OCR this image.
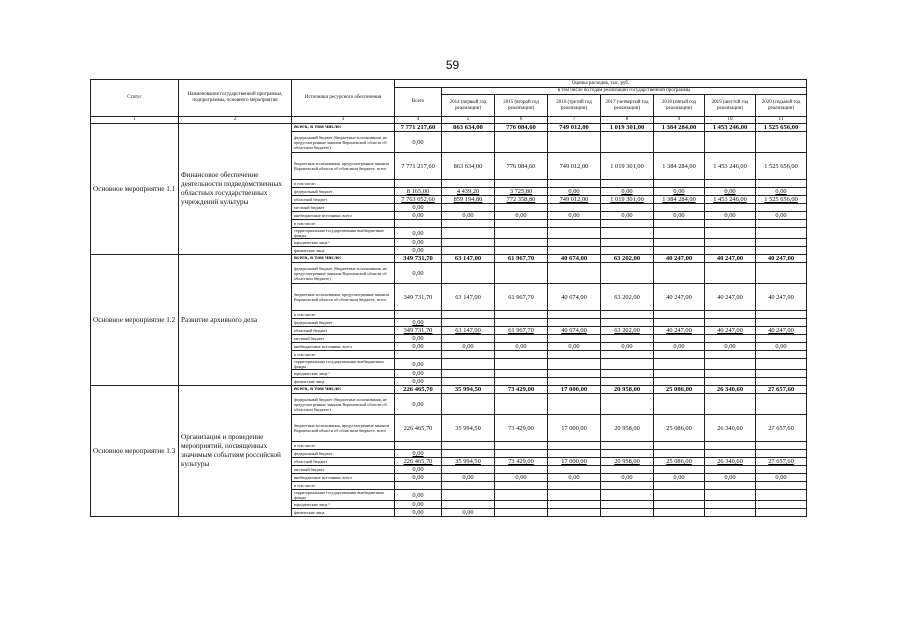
59
Статус	Наименование государственной программы, подпрограммы, основного мероприятия	Источники ресурсного обеспечения	Оценка расходов, тыс. руб.							
			Всего	в том числе по годам реализации государственной программы						
				2014 (первый год реализации)	2015 (второй год реализации)	2016 (третий год реализации)	2017 (четвертый год реализации)	2018 (пятый год реализации)	2019 (шестой год реализации)	2020 (седьмой год реализации)
1	2	3	4	5	6	7	8	9	10	11
Основное мероприятие 1.1	Финансовое обеспечение деятельности подведомственных областных государственных учреждений культуры	всего, в том числе:	7 771 217,60	863 634,00	776 084,60	749 012,00	1 019 301,00	1 384 284,00	1 453 246,00	1 525 656,00
		федеральный бюджет (бюджетные ассигнования, не предусмотренные законом Воронежской области об областном бюджете)	0,00							
		бюджетные ассигнования, предусмотренные законом Воронежской области об областном бюджете, всего	7 771 217,60	863 634,00	776 084,60	749 012,00	1 019 301,00	1 384 284,00	1 453 246,00	1 525 656,00
		в том числе:								
		федеральный бюджет	8 165,00	4 439,20	3 725,80	0,00	0,00	0,00	0,00	0,00
		областной бюджет	7 763 052,60	859 194,80	772 358,80	749 012,00	1 019 301,00	1 384 284,00	1 453 246,00	1 525 656,00
		местный бюджет	0,00							
		внебюджетные источники, всего	0,00	0,00	0,00	0,00	0,00	0,00	0,00	0,00
		в том числе:								
		территориальные государственные внебюджетные фонды	0,00							
		юридические лица ¹	0,00							
		физические лица	0,00							
Основное мероприятие 1.2	Развитие архивного дела	всего, в том числе:	349 731,70	63 147,00	61 967,70	40 674,00	63 202,00	40 247,00	40 247,00	40 247,00
		федеральный бюджет (бюджетные ассигнования, не предусмотренные законом Воронежской области об областном бюджете)	0,00							
		бюджетные ассигнования, предусмотренные законом Воронежской области об областном бюджете, всего	349 731,70	63 147,00	61 967,70	40 674,00	63 202,00	40 247,00	40 247,00	40 247,00
		в том числе:								
		федеральный бюджет	0,00							
		областной бюджет	349 731,70	63 147,00	61 967,70	40 674,00	63 202,00	40 247,00	40 247,00	40 247,00
		местный бюджет	0,00							
		внебюджетные источники, всего	0,00	0,00	0,00	0,00	0,00	0,00	0,00	0,00
		в том числе:								
		территориальные государственные внебюджетные фонды	0,00							
		юридические лица ¹	0,00							
		физические лица	0,00							
Основное мероприятие 1.3	Организация и проведение мероприятий, посвященных значимым событиям российской культуры	всего, в том числе:	226 465,70	35 994,50	73 429,00	17 000,00	20 958,00	25 086,00	26 340,60	27 657,60
		федеральный бюджет (бюджетные ассигнования, не предусмотренные законом Воронежской области об областном бюджете)	0,00							
		бюджетные ассигнования, предусмотренные законом Воронежской области об областном бюджете, всего	226 465,70	35 994,50	73 429,00	17 000,00	20 958,00	25 086,00	26 340,60	27 657,60
		в том числе:								
		федеральный бюджет	0,00							
		областной бюджет	226 465,70	35 994,50	73 429,00	17 000,00	20 958,00	25 086,00	26 340,60	27 657,60
		местный бюджет	0,00							
		внебюджетные источники, всего	0,00	0,00	0,00	0,00	0,00	0,00	0,00	0,00
		в том числе:								
		территориальные государственные внебюджетные фонды	0,00							
		юридические лица ¹	0,00							
		физические лица	0,00	0,00						
